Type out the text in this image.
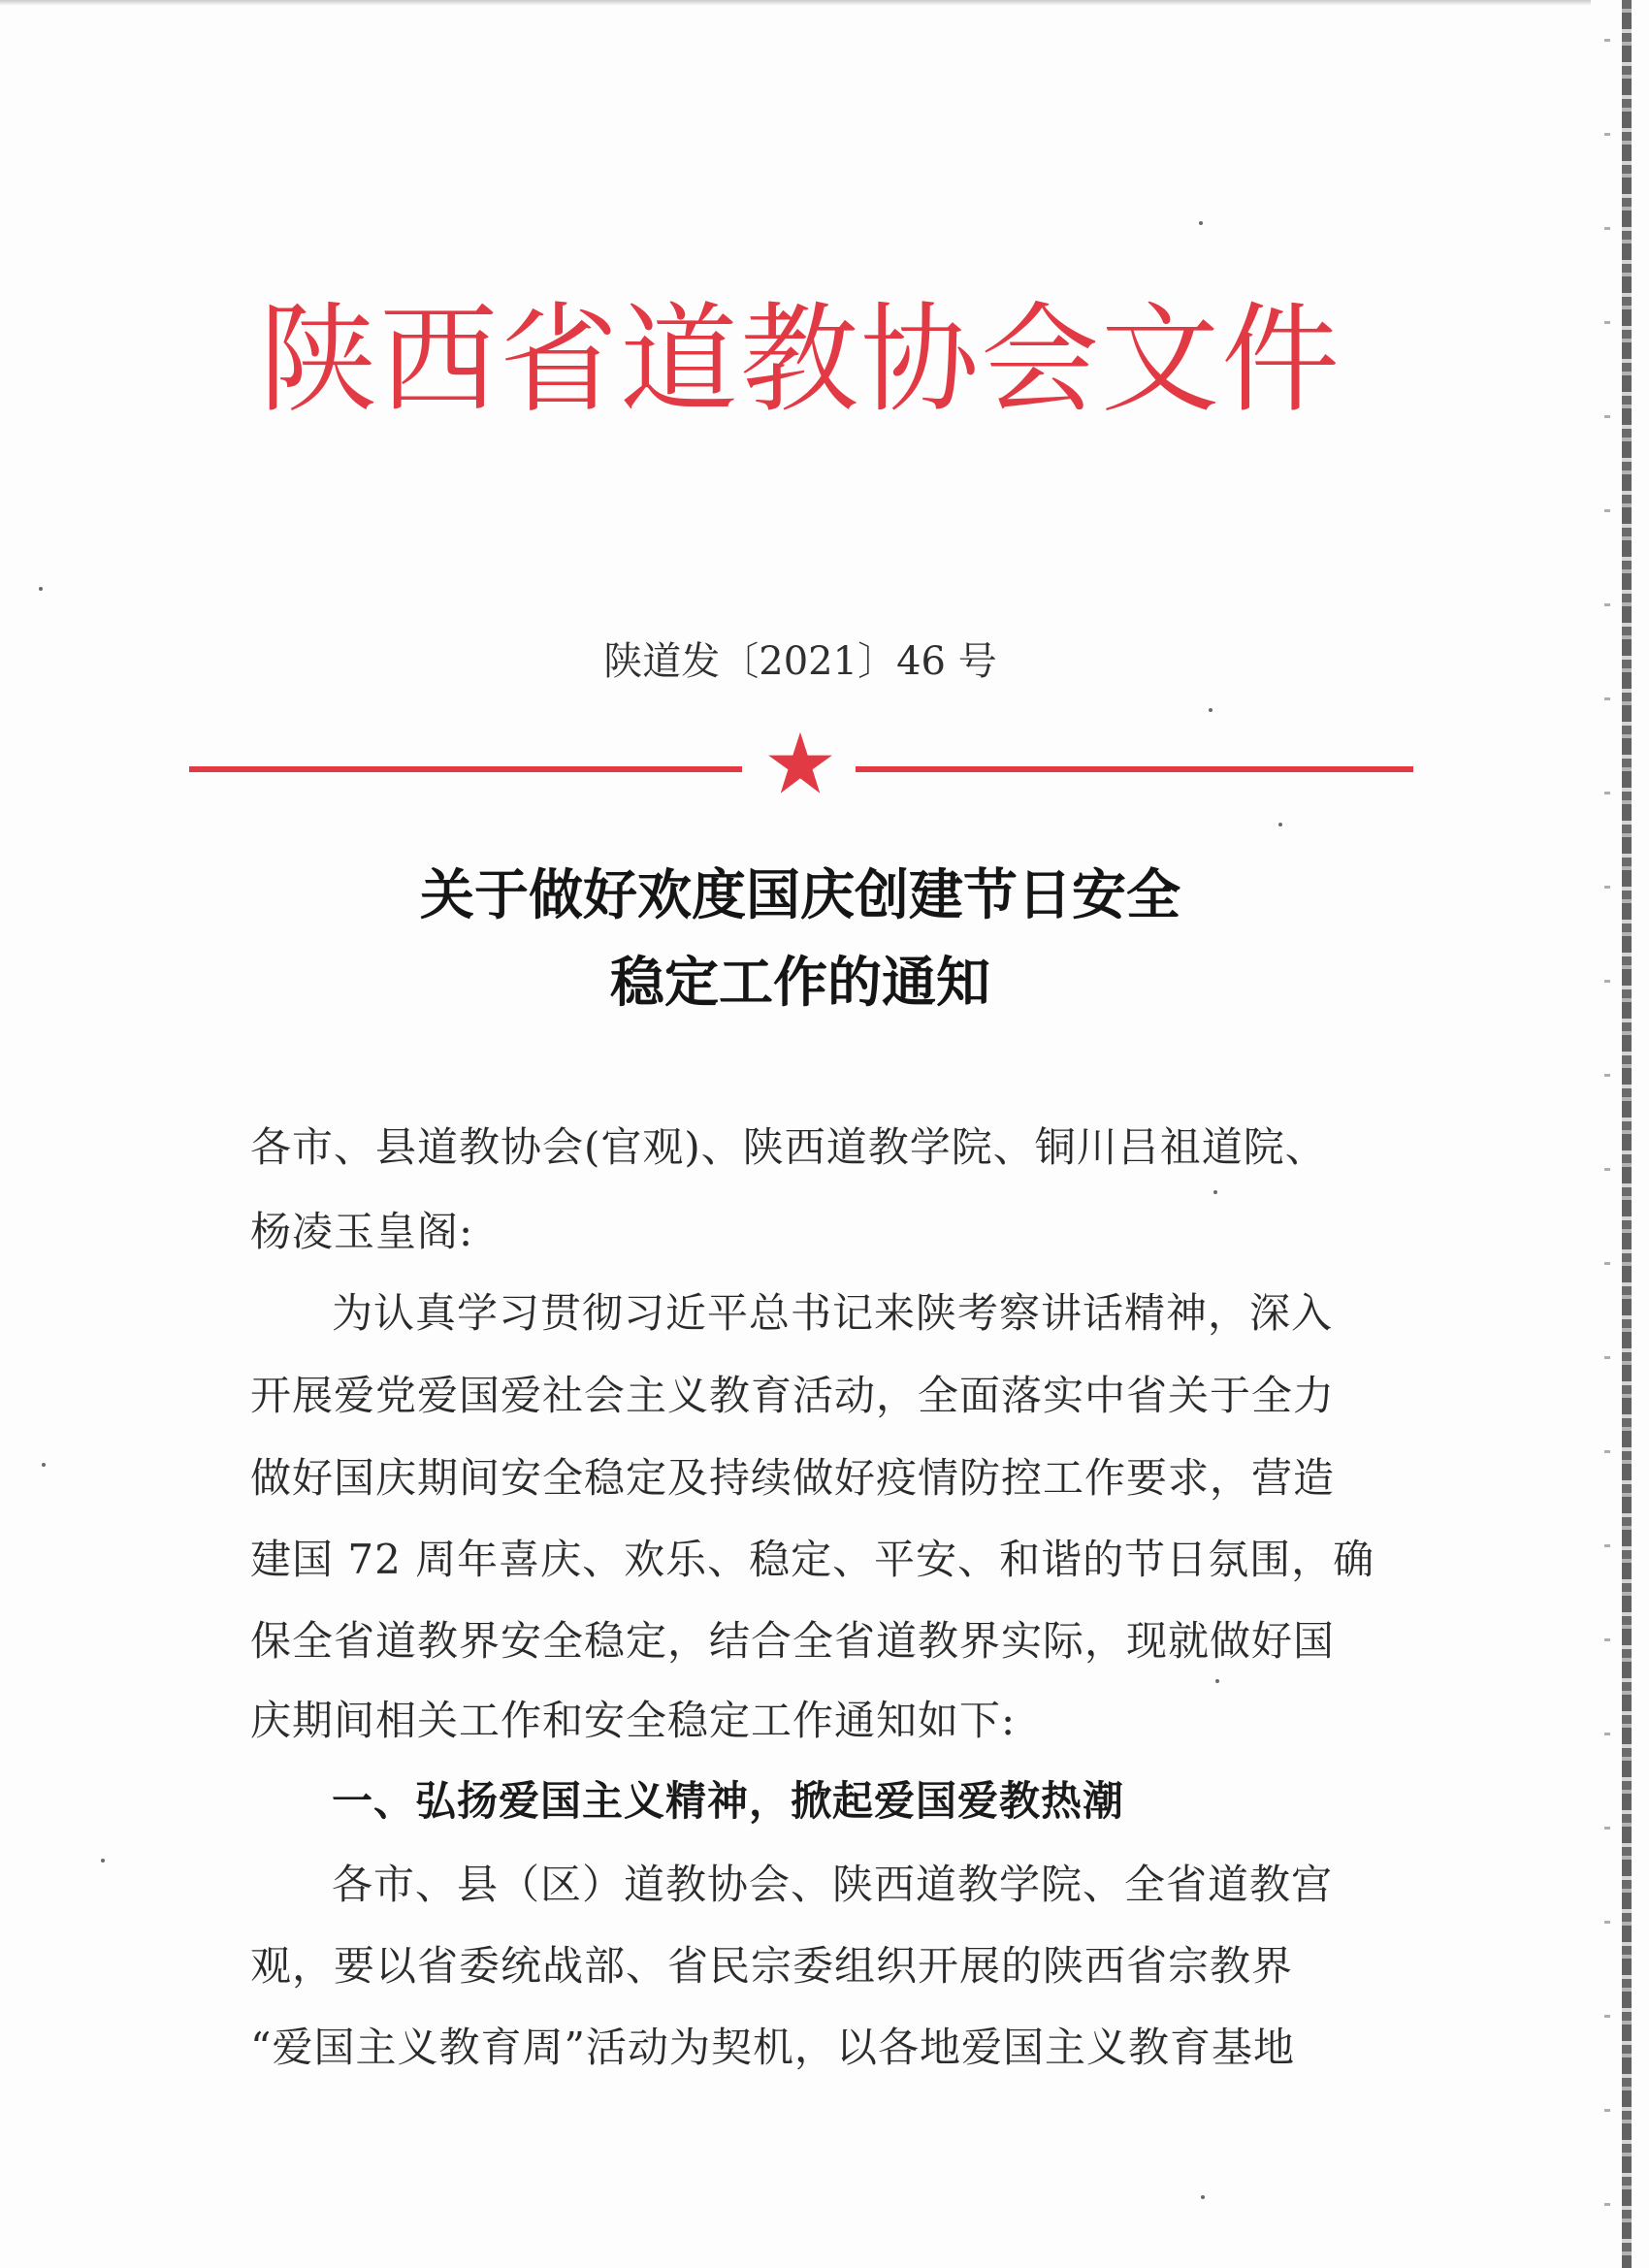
陕西省道教协会文件
陕道发〔2021〕46 号
关于做好欢度国庆创建节日安全
稳定工作的通知
各市、县道教协会(官观)、陕西道教学院、铜川吕祖道院、
杨凌玉皇阁:
为认真学习贯彻习近平总书记来陕考察讲话精神，深入
开展爱党爱国爱社会主义教育活动，全面落实中省关于全力
做好国庆期间安全稳定及持续做好疫情防控工作要求，营造
建国 72 周年喜庆、欢乐、稳定、平安、和谐的节日氛围，确
保全省道教界安全稳定，结合全省道教界实际，现就做好国
庆期间相关工作和安全稳定工作通知如下:
一、弘扬爱国主义精神，掀起爱国爱教热潮
各市、县（区）道教协会、陕西道教学院、全省道教宫
观，要以省委统战部、省民宗委组织开展的陕西省宗教界
“爱国主义教育周”活动为契机，以各地爱国主义教育基地
